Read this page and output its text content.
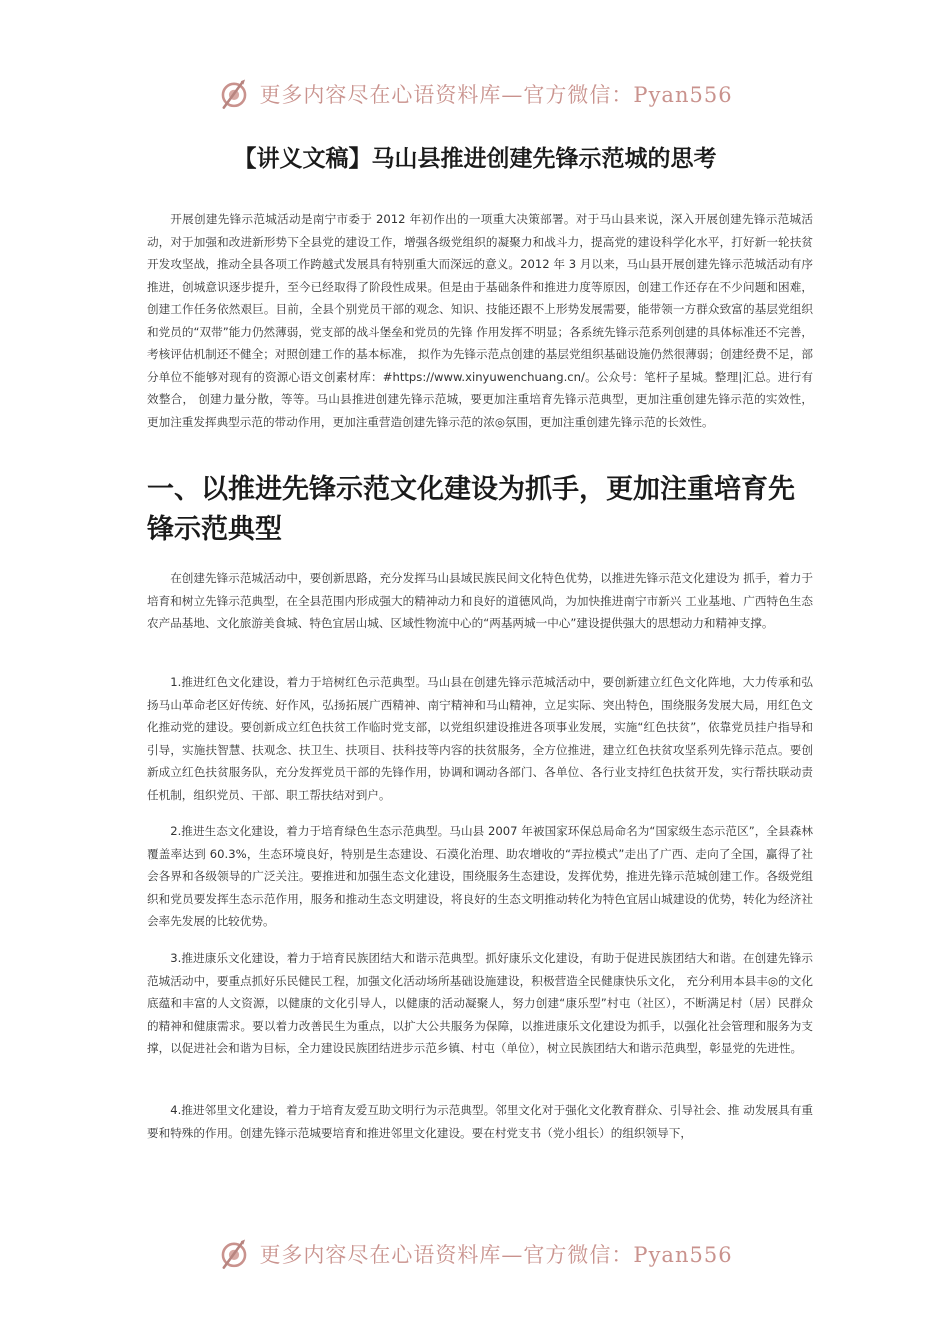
更多内容尽在心语资料库—官方微信：Pyan556
【讲义文稿】马山县推进创建先锋示范城的思考

开展创建先锋示范城活动是南宁市委于 2012 年初作出的一项重大决策部署。对于马山县来说，深入开展创建先锋示范城活动，对于加强和改进新形势下全县党的建设工作，增强各级党组织的凝聚力和战斗力，提高党的建设科学化水平，打好新一轮扶贫开发攻坚战，推动全县各项工作跨越式发展具有特别重大而深远的意义。2012 年 3 月以来，马山县开展创建先锋示范城活动有序推进，创城意识逐步提升，至今已经取得了阶段性成果。但是由于基础条件和推进力度等原因，创建工作还存在不少问题和困难，创建工作任务依然艰巨。目前，全县个别党员干部的观念、知识、技能还跟不上形势发展需要，能带领一方群众致富的基层党组织和党员的“双带”能力仍然薄弱，党支部的战斗堡垒和党员的先锋 作用发挥不明显；各系统先锋示范系列创建的具体标准还不完善，考核评估机制还不健全；对照创建工作的基本标准， 拟作为先锋示范点创建的基层党组织基础设施仍然很薄弱；创建经费不足，部分单位不能够对现有的资源心语文创素材库：#https://www.xinyuwenchuang.cn/。公众号：笔杆子星城。整理|汇总。进行有效整合， 创建力量分散，等等。马山县推进创建先锋示范城，要更加注重培育先锋示范典型，更加注重创建先锋示范的实效性， 更加注重发挥典型示范的带动作用，更加注重营造创建先锋示范的浓◎氛围，更加注重创建先锋示范的长效性。

一、以推进先锋示范文化建设为抓手，更加注重培育先锋示范典型

在创建先锋示范城活动中，要创新思路，充分发挥马山县域民族民间文化特色优势，以推进先锋示范文化建设为 抓手，着力于培育和树立先锋示范典型，在全县范围内形成强大的精神动力和良好的道德风尚，为加快推进南宁市新兴 工业基地、广西特色生态农产品基地、文化旅游美食城、特色宜居山城、区域性物流中心的“两基两城一中心”建设提供强大的思想动力和精神支撑。

1.推进红色文化建设，着力于培树红色示范典型。马山县在创建先锋示范城活动中，要创新建立红色文化阵地，大力传承和弘扬马山革命老区好传统、好作风，弘扬拓展广西精神、南宁精神和马山精神，立足实际、突出特色，围绕服务发展大局，用红色文化推动党的建设。要创新成立红色扶贫工作临时党支部，以党组织建设推进各项事业发展，实施“红色扶贫”，依靠党员挂户指导和引导，实施扶智慧、扶观念、扶卫生、扶项目、扶科技等内容的扶贫服务，全方位推进，建立红色扶贫攻坚系列先锋示范点。要创新成立红色扶贫服务队，充分发挥党员干部的先锋作用，协调和调动各部门、各单位、各行业支持红色扶贫开发，实行帮扶联动责任机制，组织党员、干部、职工帮扶结对到户。

2.推进生态文化建设，着力于培育绿色生态示范典型。马山县 2007 年被国家环保总局命名为“国家级生态示范区”，全县森林覆盖率达到 60.3%，生态环境良好，特别是生态建设、石漠化治理、助农增收的“弄拉模式”走出了广西、走向了全国，赢得了社会各界和各级领导的广泛关注。要推进和加强生态文化建设，围绕服务生态建设，发挥优势，推进先锋示范城创建工作。各级党组织和党员要发挥生态示范作用，服务和推动生态文明建设，将良好的生态文明推动转化为特色宜居山城建设的优势，转化为经济社会率先发展的比较优势。

3.推进康乐文化建设，着力于培育民族团结大和谐示范典型。抓好康乐文化建设，有助于促进民族团结大和谐。在创建先锋示范城活动中，要重点抓好乐民健民工程，加强文化活动场所基础设施建设，积极营造全民健康快乐文化， 充分利用本县丰◎的文化底蕴和丰富的人文资源，以健康的文化引导人，以健康的活动凝聚人，努力创建“康乐型”村屯（社区），不断满足村（居）民群众的精神和健康需求。要以着力改善民生为重点，以扩大公共服务为保障，以推进康乐文化建设为抓手，以强化社会管理和服务为支撑，以促进社会和谐为目标，全力建设民族团结进步示范乡镇、村屯（单位），树立民族团结大和谐示范典型，彰显党的先进性。

4.推进邻里文化建设，着力于培育友爱互助文明行为示范典型。邻里文化对于强化文化教育群众、引导社会、推 动发展具有重要和特殊的作用。创建先锋示范城要培育和推进邻里文化建设。要在村党支书（党小组长）的组织领导下，

更多内容尽在心语资料库—官方微信：Pyan556
